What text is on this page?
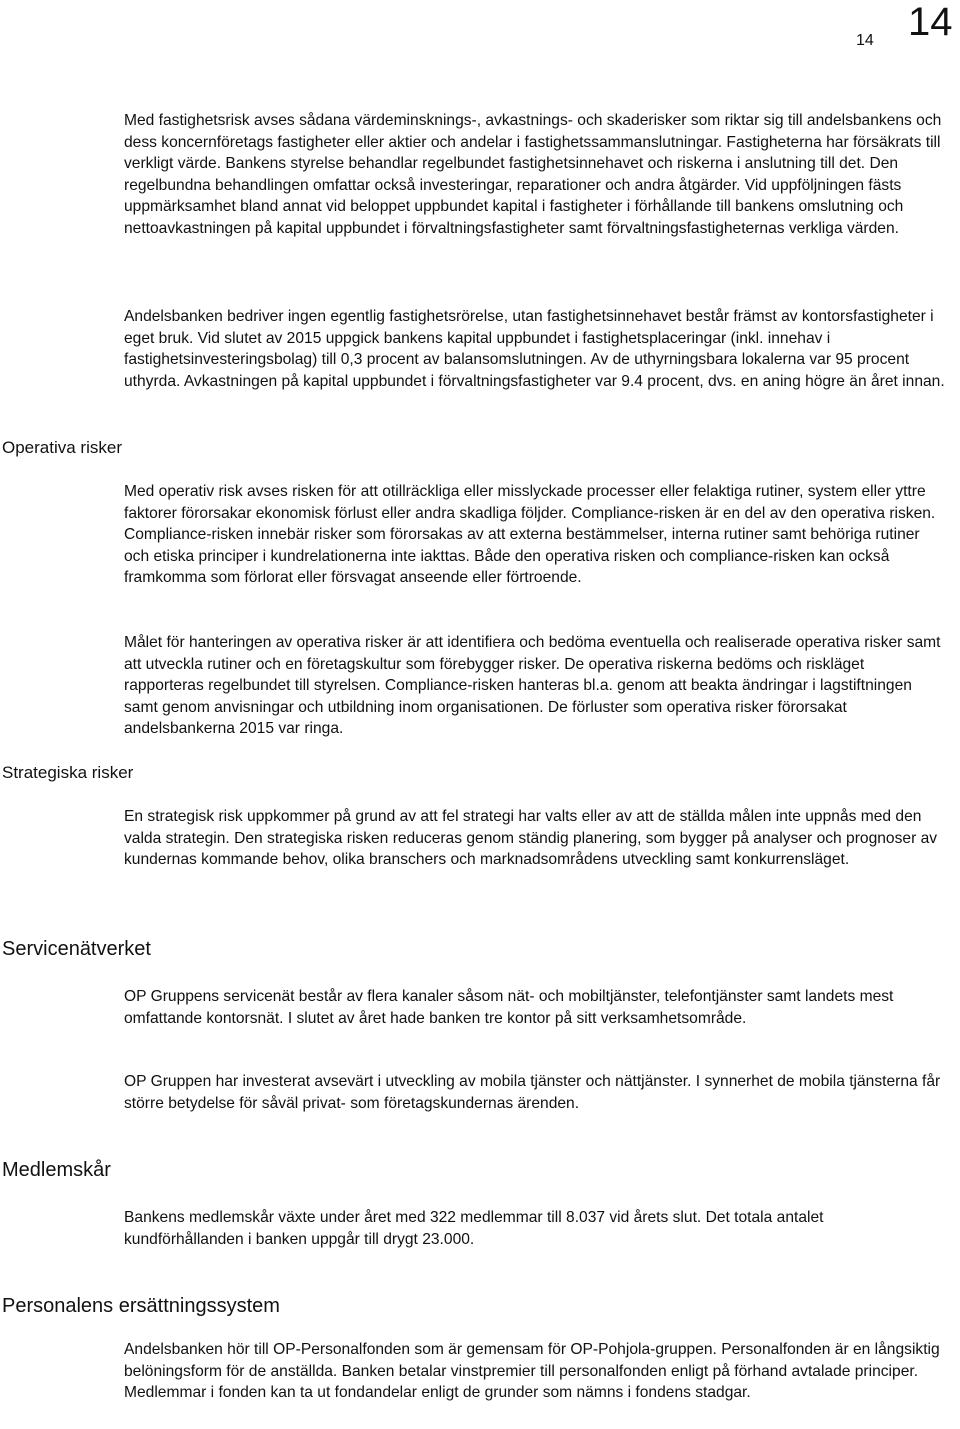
14 14

Med fastighetsrisk avses sådana värdeminsknings-, avkastnings- och skaderisker som riktar sig till andelsbankens och dess koncernföretags fastigheter eller aktier och andelar i fastighetssammanslutningar. Fastigheterna har försäkrats till verkligt värde. Bankens styrelse behandlar regelbundet fastighetsinnehavet och riskerna i anslutning till det. Den regelbundna behandlingen omfattar också investeringar, reparationer och andra åtgärder. Vid uppföljningen fästs uppmärksamhet bland annat vid beloppet uppbundet kapital i fastigheter i förhållande till bankens omslutning och nettoavkastningen på kapital uppbundet i förvaltningsfastigheter samt förvaltningsfastigheternas verkliga värden.

Andelsbanken bedriver ingen egentlig fastighetsrörelse, utan fastighetsinnehavet består främst av kontorsfastigheter i eget bruk. Vid slutet av 2015 uppgick bankens kapital uppbundet i fastighetsplaceringar (inkl. innehav i fastighetsinvesteringsbolag) till 0,3 procent av balansomslutningen. Av de uthyrningsbara lokalerna var 95 procent uthyrda. Avkastningen på kapital uppbundet i förvaltningsfastigheter var 9.4 procent, dvs. en aning högre än året innan.

Operativa risker

Med operativ risk avses risken för att otillräckliga eller misslyckade processer eller felaktiga rutiner, system eller yttre faktorer förorsakar ekonomisk förlust eller andra skadliga följder. Compliance-risken är en del av den operativa risken. Compliance-risken innebär risker som förorsakas av att externa bestämmelser, interna rutiner samt behöriga rutiner och etiska principer i kundrelationerna inte iakttas. Både den operativa risken och compliance-risken kan också framkomma som förlorat eller försvagat anseende eller förtroende.

Målet för hanteringen av operativa risker är att identifiera och bedöma eventuella och realiserade operativa risker samt att utveckla rutiner och en företagskultur som förebygger risker. De operativa riskerna bedöms och riskläget rapporteras regelbundet till styrelsen. Compliance-risken hanteras bl.a. genom att beakta ändringar i lagstiftningen samt genom anvisningar och utbildning inom organisationen. De förluster som operativa risker förorsakat andelsbankerna 2015 var ringa.

Strategiska risker

En strategisk risk uppkommer på grund av att fel strategi har valts eller av att de ställda målen inte uppnås med den valda strategin. Den strategiska risken reduceras genom ständig planering, som bygger på analyser och prognoser av kundernas kommande behov, olika branschers och marknadsområdens utveckling samt konkurrensläget.

Servicenätverket

OP Gruppens servicenät består av flera kanaler såsom nät- och mobiltjänster, telefontjänster samt landets mest omfattande kontorsnät. I slutet av året hade banken tre kontor på sitt verksamhetsområde.

OP Gruppen har investerat avsevärt i utveckling av mobila tjänster och nättjänster. I synnerhet de mobila tjänsterna får större betydelse för såväl privat- som företagskundernas ärenden.

Medlemskår

Bankens medlemskår växte under året med 322 medlemmar till 8.037 vid årets slut. Det totala antalet kundförhållanden i banken uppgår till drygt 23.000.

Personalens ersättningssystem

Andelsbanken hör till OP-Personalfonden som är gemensam för OP-Pohjola-gruppen. Personalfonden är en långsiktig belöningsform för de anställda. Banken betalar vinstpremier till personalfonden enligt på förhand avtalade principer. Medlemmar i fonden kan ta ut fondandelar enligt de grunder som nämns i fondens stadgar.
